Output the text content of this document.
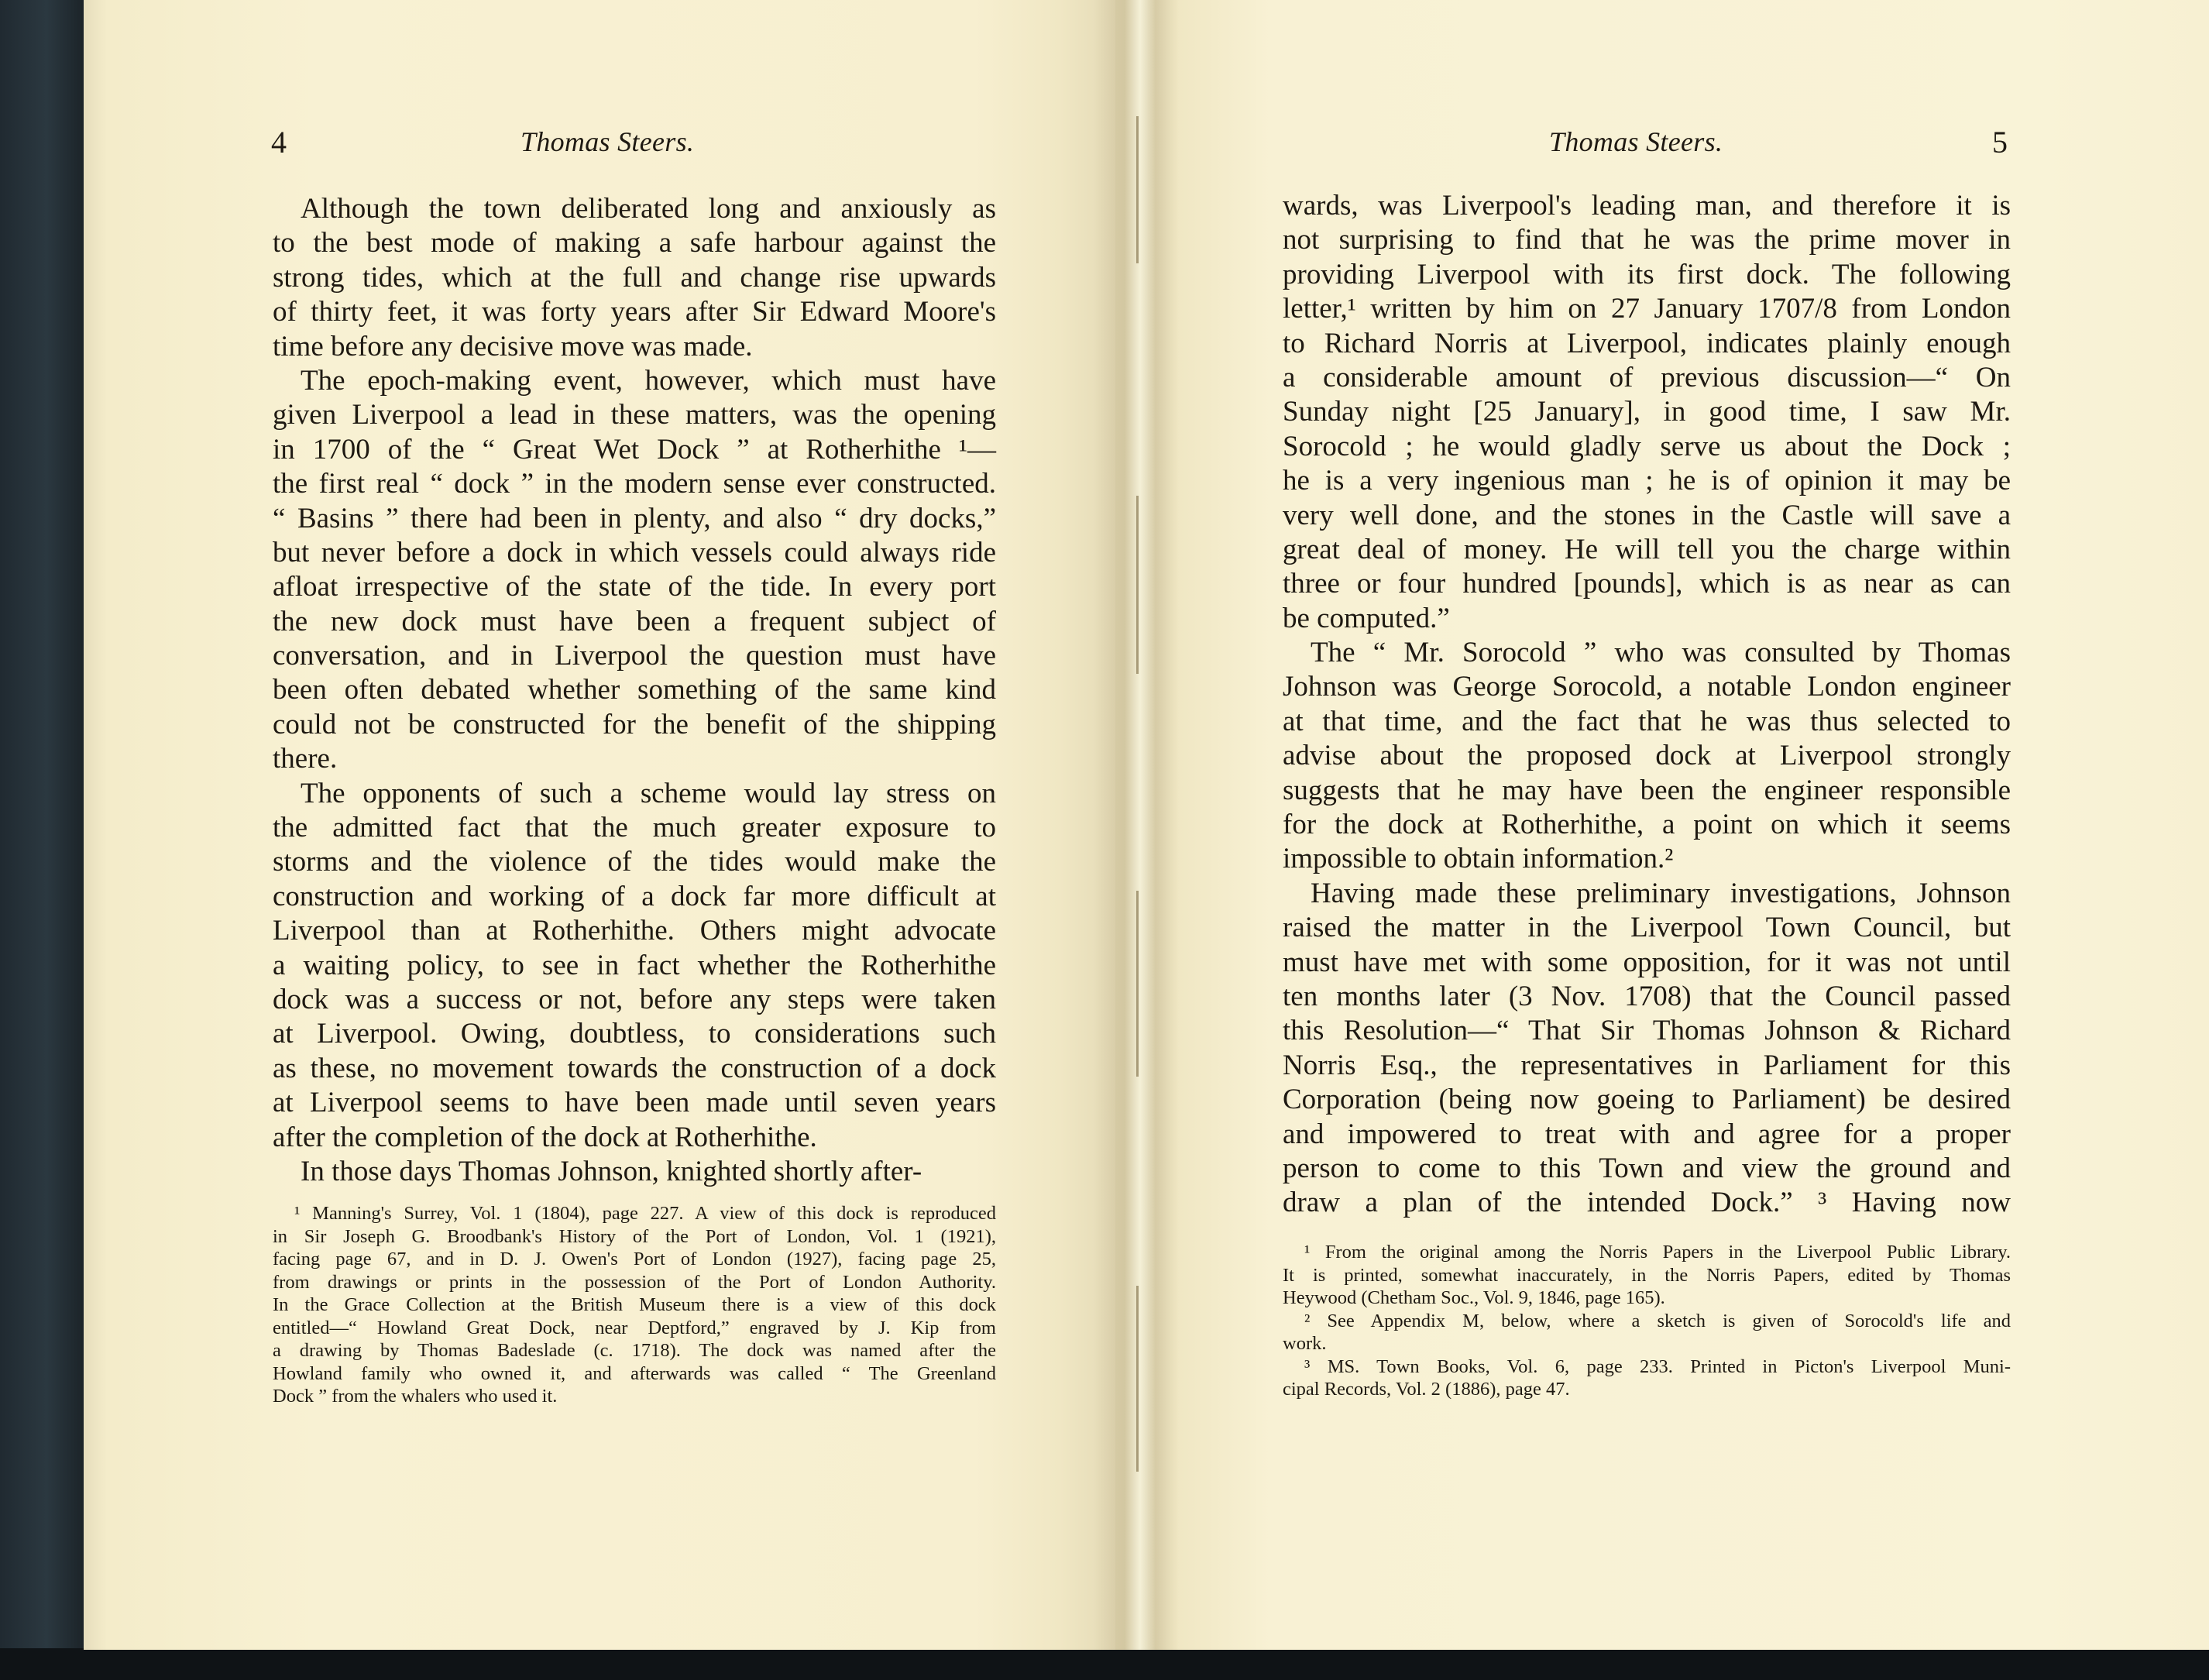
4	Thomas Steers.
Although the town deliberated long and anxiously as
to the best mode of making a safe harbour against the
strong tides, which at the full and change rise upwards
of thirty feet, it was forty years after Sir Edward Moore's
time before any decisive move was made.
The epoch-making event, however, which must have
given Liverpool a lead in these matters, was the opening
in 1700 of the “ Great Wet Dock ” at Rotherhithe ¹—
the first real “ dock ” in the modern sense ever constructed.
“ Basins ” there had been in plenty, and also “ dry docks,”
but never before a dock in which vessels could always ride
afloat irrespective of the state of the tide. In every port
the new dock must have been a frequent subject of
conversation, and in Liverpool the question must have
been often debated whether something of the same kind
could not be constructed for the benefit of the shipping
there.
The opponents of such a scheme would lay stress on
the admitted fact that the much greater exposure to
storms and the violence of the tides would make the
construction and working of a dock far more difficult at
Liverpool than at Rotherhithe. Others might advocate
a waiting policy, to see in fact whether the Rotherhithe
dock was a success or not, before any steps were taken
at Liverpool. Owing, doubtless, to considerations such
as these, no movement towards the construction of a dock
at Liverpool seems to have been made until seven years
after the completion of the dock at Rotherhithe.
In those days Thomas Johnson, knighted shortly after-
¹ Manning's Surrey, Vol. 1 (1804), page 227. A view of this dock is reproduced
in Sir Joseph G. Broodbank's History of the Port of London, Vol. 1 (1921),
facing page 67, and in D. J. Owen's Port of London (1927), facing page 25,
from drawings or prints in the possession of the Port of London Authority.
In the Grace Collection at the British Museum there is a view of this dock
entitled—“ Howland Great Dock, near Deptford,” engraved by J. Kip from
a drawing by Thomas Badeslade (c. 1718). The dock was named after the
Howland family who owned it, and afterwards was called “ The Greenland
Dock ” from the whalers who used it.
Thomas Steers.	5
wards, was Liverpool's leading man, and therefore it is
not surprising to find that he was the prime mover in
providing Liverpool with its first dock. The following
letter,¹ written by him on 27 January 1707/8 from London
to Richard Norris at Liverpool, indicates plainly enough
a considerable amount of previous discussion—“ On
Sunday night [25 January], in good time, I saw Mr.
Sorocold ; he would gladly serve us about the Dock ;
he is a very ingenious man ; he is of opinion it may be
very well done, and the stones in the Castle will save a
great deal of money. He will tell you the charge within
three or four hundred [pounds], which is as near as can
be computed.”
The “ Mr. Sorocold ” who was consulted by Thomas
Johnson was George Sorocold, a notable London engineer
at that time, and the fact that he was thus selected to
advise about the proposed dock at Liverpool strongly
suggests that he may have been the engineer responsible
for the dock at Rotherhithe, a point on which it seems
impossible to obtain information.²
Having made these preliminary investigations, Johnson
raised the matter in the Liverpool Town Council, but
must have met with some opposition, for it was not until
ten months later (3 Nov. 1708) that the Council passed
this Resolution—“ That Sir Thomas Johnson & Richard
Norris Esq., the representatives in Parliament for this
Corporation (being now goeing to Parliament) be desired
and impowered to treat with and agree for a proper
person to come to this Town and view the ground and
draw a plan of the intended Dock.” ³ Having now
¹ From the original among the Norris Papers in the Liverpool Public Library.
It is printed, somewhat inaccurately, in the Norris Papers, edited by Thomas
Heywood (Chetham Soc., Vol. 9, 1846, page 165).
² See Appendix M, below, where a sketch is given of Sorocold's life and
work.
³ MS. Town Books, Vol. 6, page 233. Printed in Picton's Liverpool Muni-
cipal Records, Vol. 2 (1886), page 47.
